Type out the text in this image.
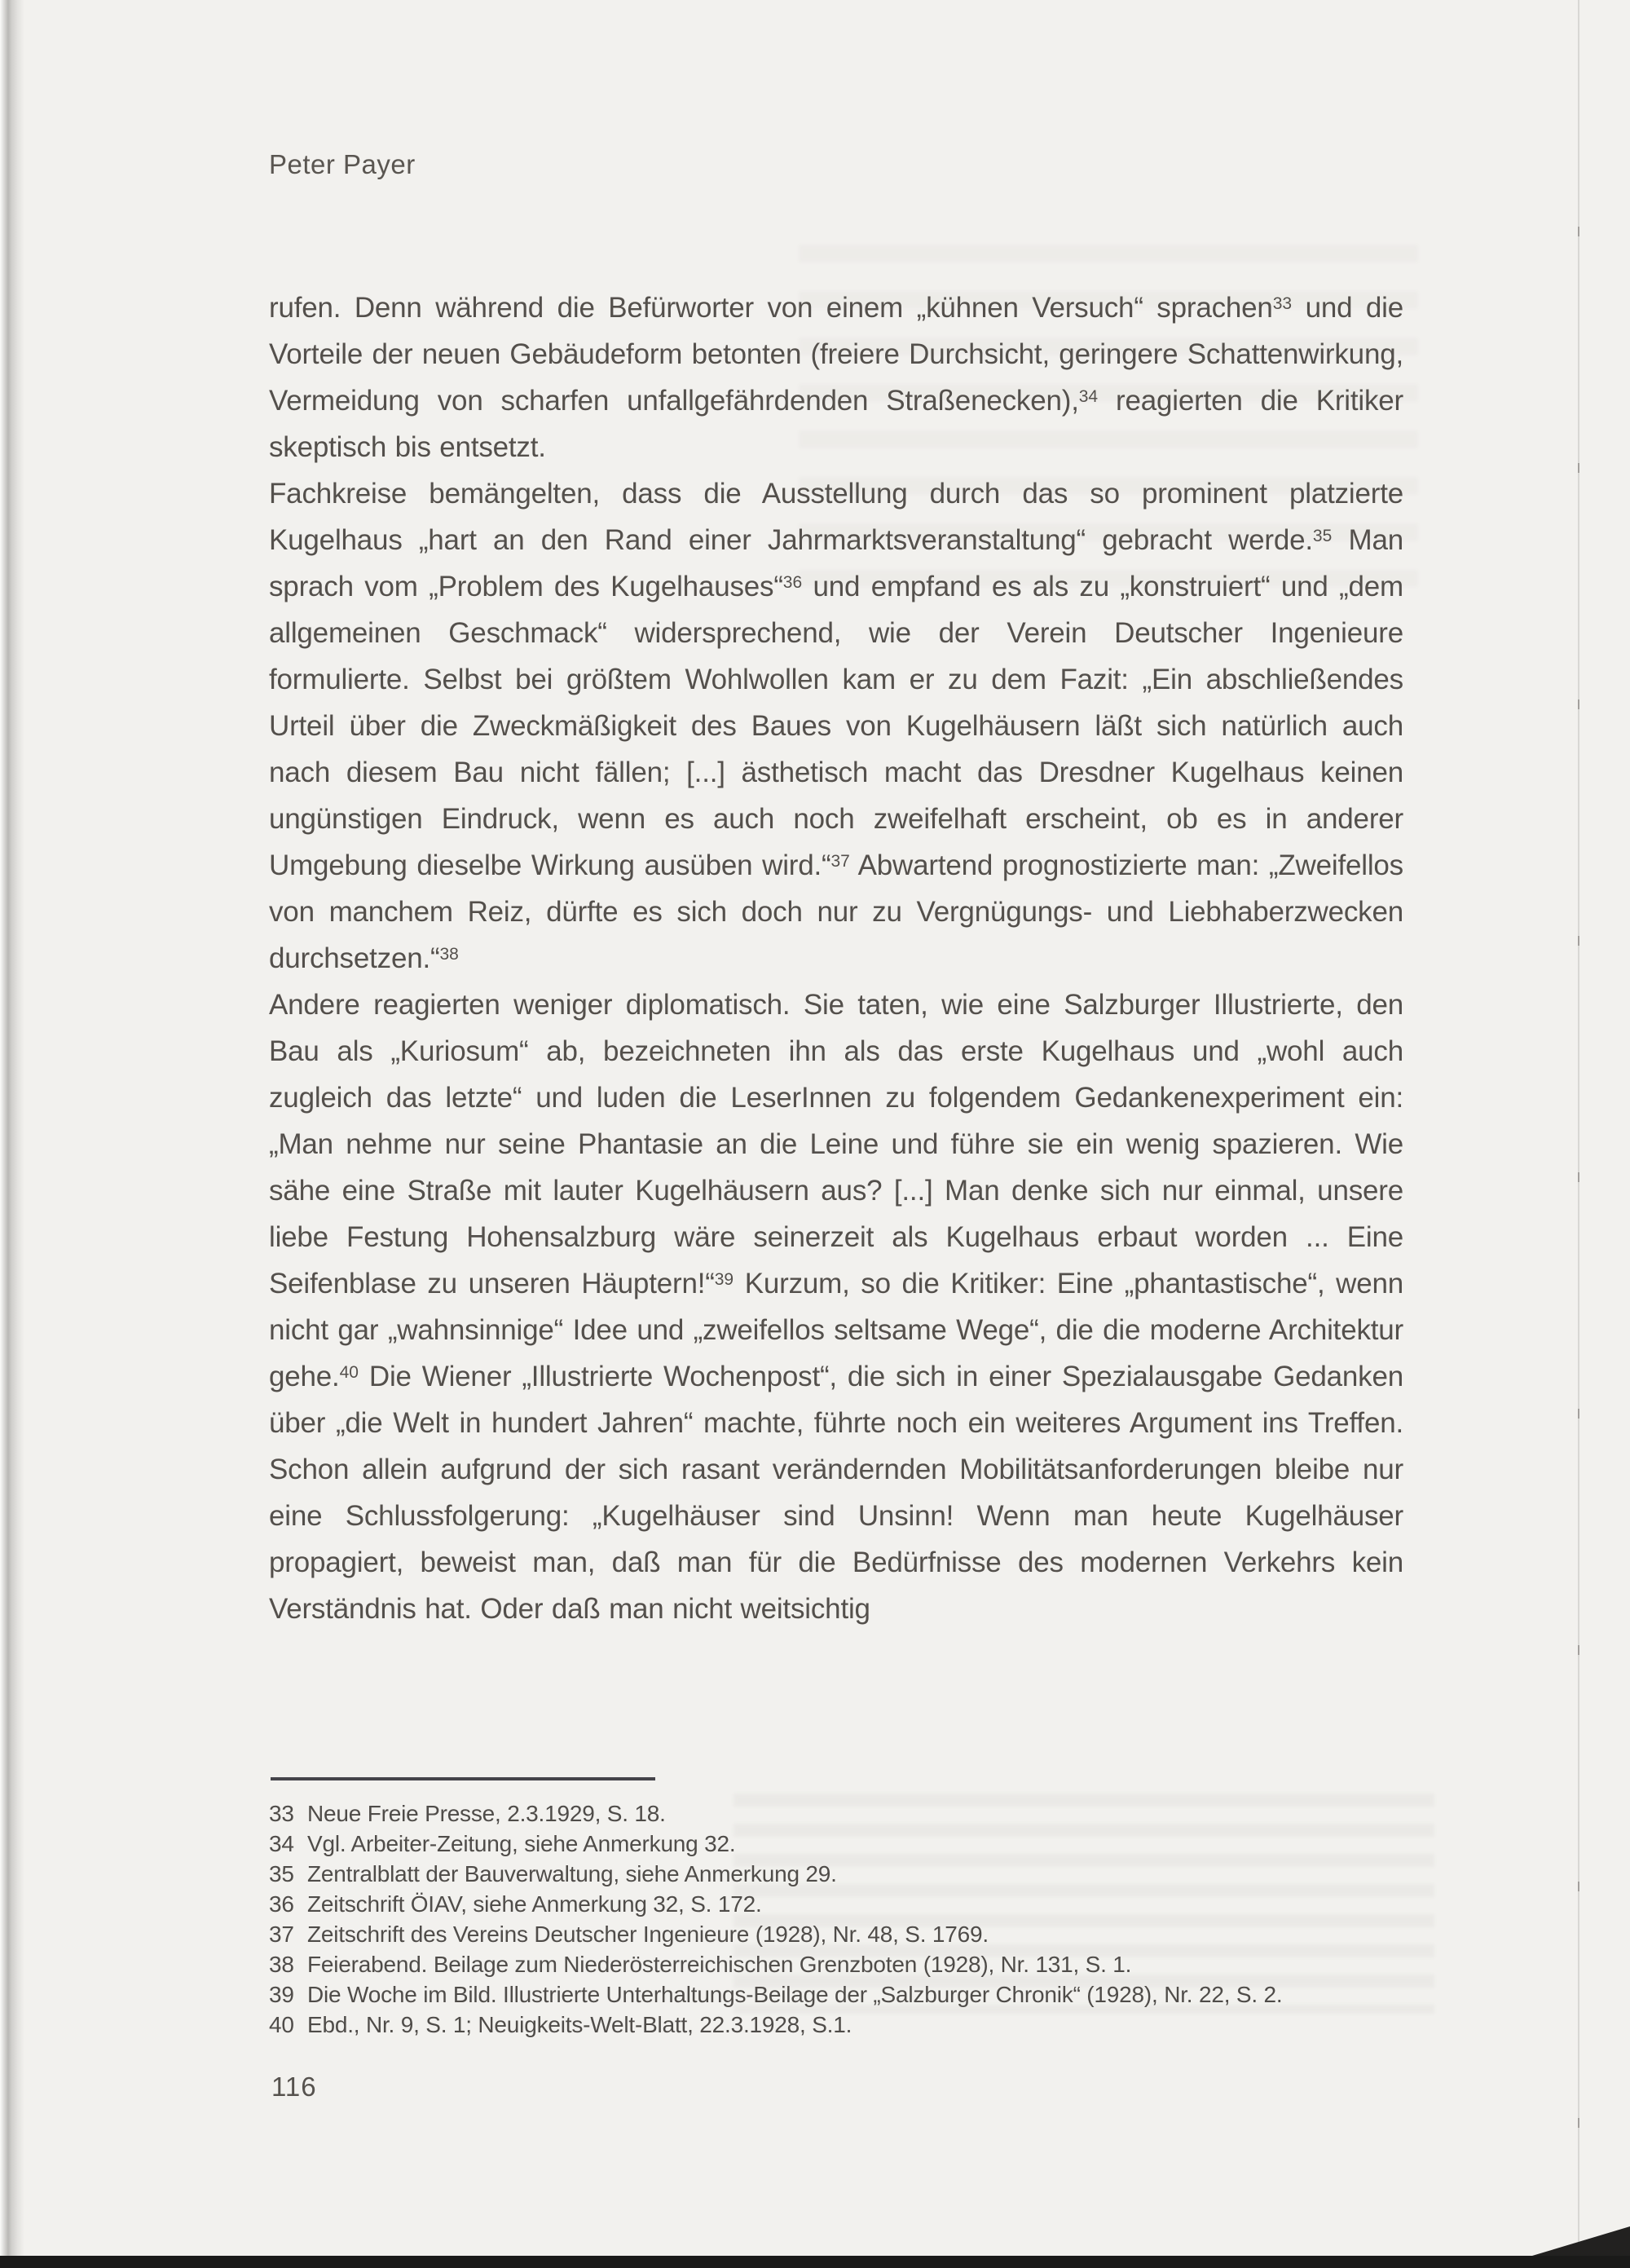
Peter Payer

rufen. Denn während die Befürworter von einem „kühnen Versuch“ sprachen$^{33}$ und die Vorteile der neuen Gebäudeform betonten (freiere Durchsicht, geringere Schattenwirkung, Vermeidung von scharfen unfallgefährdenden Straßenecken),$^{34}$ reagierten die Kritiker skeptisch bis entsetzt.

Fachkreise bemängelten, dass die Ausstellung durch das so prominent platzierte Kugelhaus „hart an den Rand einer Jahrmarktsveranstaltung“ gebracht werde.$^{35}$ Man sprach vom „Problem des Kugelhauses“$^{36}$ und empfand es als zu „konstruiert“ und „dem allgemeinen Geschmack“ widersprechend, wie der Verein Deutscher Ingenieure formulierte. Selbst bei größtem Wohlwollen kam er zu dem Fazit: „Ein abschließendes Urteil über die Zweckmäßigkeit des Baues von Kugelhäusern läßt sich natürlich auch nach diesem Bau nicht fällen; [...] ästhetisch macht das Dresdner Kugelhaus keinen ungünstigen Eindruck, wenn es auch noch zweifelhaft erscheint, ob es in anderer Umgebung dieselbe Wirkung ausüben wird.“$^{37}$ Abwartend prognostizierte man: „Zweifellos von manchem Reiz, dürfte es sich doch nur zu Vergnügungs- und Liebhaberzwecken durchsetzen.“$^{38}$

Andere reagierten weniger diplomatisch. Sie taten, wie eine Salzburger Illustrierte, den Bau als „Kuriosum“ ab, bezeichneten ihn als das erste Kugelhaus und „wohl auch zugleich das letzte“ und luden die LeserInnen zu folgendem Gedankenexperiment ein: „Man nehme nur seine Phantasie an die Leine und führe sie ein wenig spazieren. Wie sähe eine Straße mit lauter Kugelhäusern aus? [...] Man denke sich nur einmal, unsere liebe Festung Hohensalzburg wäre seinerzeit als Kugelhaus erbaut worden ... Eine Seifenblase zu unseren Häuptern!“$^{39}$ Kurzum, so die Kritiker: Eine „phantastische“, wenn nicht gar „wahnsinnige“ Idee und „zweifellos seltsame Wege“, die die moderne Architektur gehe.$^{40}$ Die Wiener „Illustrierte Wochenpost“, die sich in einer Spezialausgabe Gedanken über „die Welt in hundert Jahren“ machte, führte noch ein weiteres Argument ins Treffen. Schon allein aufgrund der sich rasant verändernden Mobilitätsanforderungen bleibe nur eine Schlussfolgerung: „Kugelhäuser sind Unsinn! Wenn man heute Kugelhäuser propagiert, beweist man, daß man für die Bedürfnisse des modernen Verkehrs kein Verständnis hat. Oder daß man nicht weitsichtig

33 Neue Freie Presse, 2.3.1929, S. 18.
34 Vgl. Arbeiter-Zeitung, siehe Anmerkung 32.
35 Zentralblatt der Bauverwaltung, siehe Anmerkung 29.
36 Zeitschrift ÖIAV, siehe Anmerkung 32, S. 172.
37 Zeitschrift des Vereins Deutscher Ingenieure (1928), Nr. 48, S. 1769.
38 Feierabend. Beilage zum Niederösterreichischen Grenzboten (1928), Nr. 131, S. 1.
39 Die Woche im Bild. Illustrierte Unterhaltungs-Beilage der „Salzburger Chronik“ (1928), Nr. 22, S. 2.
40 Ebd., Nr. 9, S. 1; Neuigkeits-Welt-Blatt, 22.3.1928, S.1.
116
